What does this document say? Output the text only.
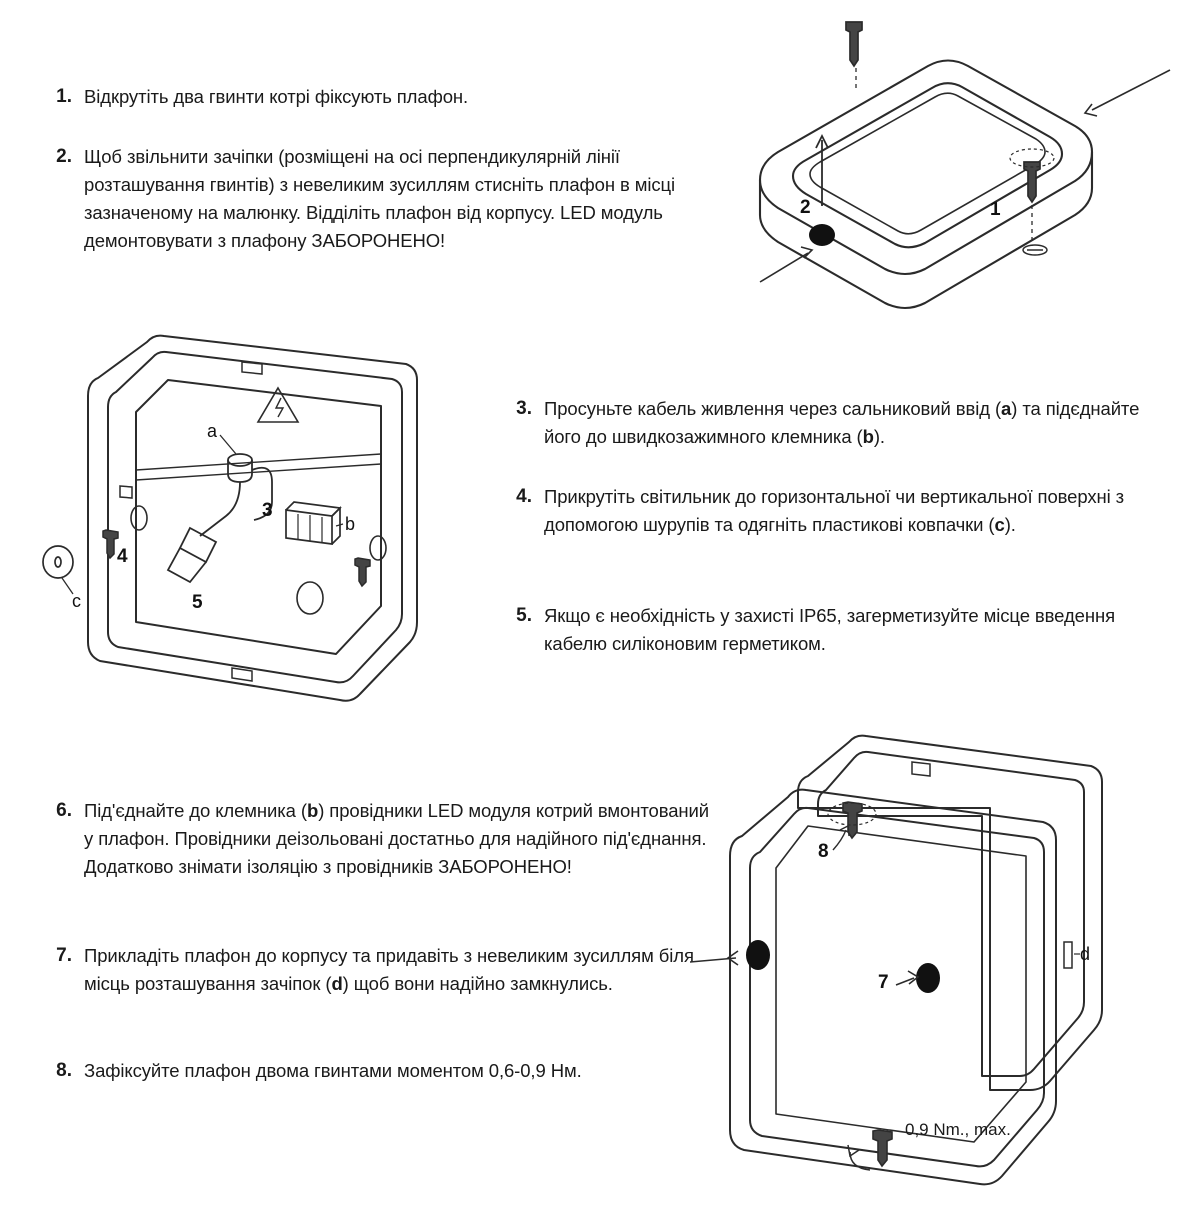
1. Відкрутіть два гвинти котрі фіксують плафон.
2. Щоб звільнити зачіпки (розміщені на осі перпендикулярній лінії розташування гвинтів) з невеликим зусиллям стисніть плафон в місці зазначеному на малюнку. Відділіть плафон від корпусу. LED модуль демонтовувати з плафону ЗАБОРОНЕНО!
3. Просуньте кабель живлення через сальниковий ввід (a) та підєднайте його до швидкозажимного клемника (b).
4. Прикрутіть світильник до горизонтальної чи вертикальної поверхні з допомогою шурупів та одягніть пластикові ковпачки (c).
5. Якщо є необхідність у захисті IP65, загерметизуйте місце введення кабелю силіконовим герметиком.
6. Під'єднайте до клемника (b) провідники LED модуля котрий вмонтований у плафон. Провідники деізольовані достатньо для надійного під'єднання. Додатково знімати ізоляцію з провідників ЗАБОРОНЕНО!
7. Прикладіть плафон до корпусу та придавіть з невеликим зусиллям біля місць розташування зачіпок (d) щоб вони надійно замкнулись.
8. Зафіксуйте плафон двома гвинтами моментом 0,6-0,9 Нм.
1
2
a
5
b
3
4
c
8
7
d
0,9 Nm., max.
